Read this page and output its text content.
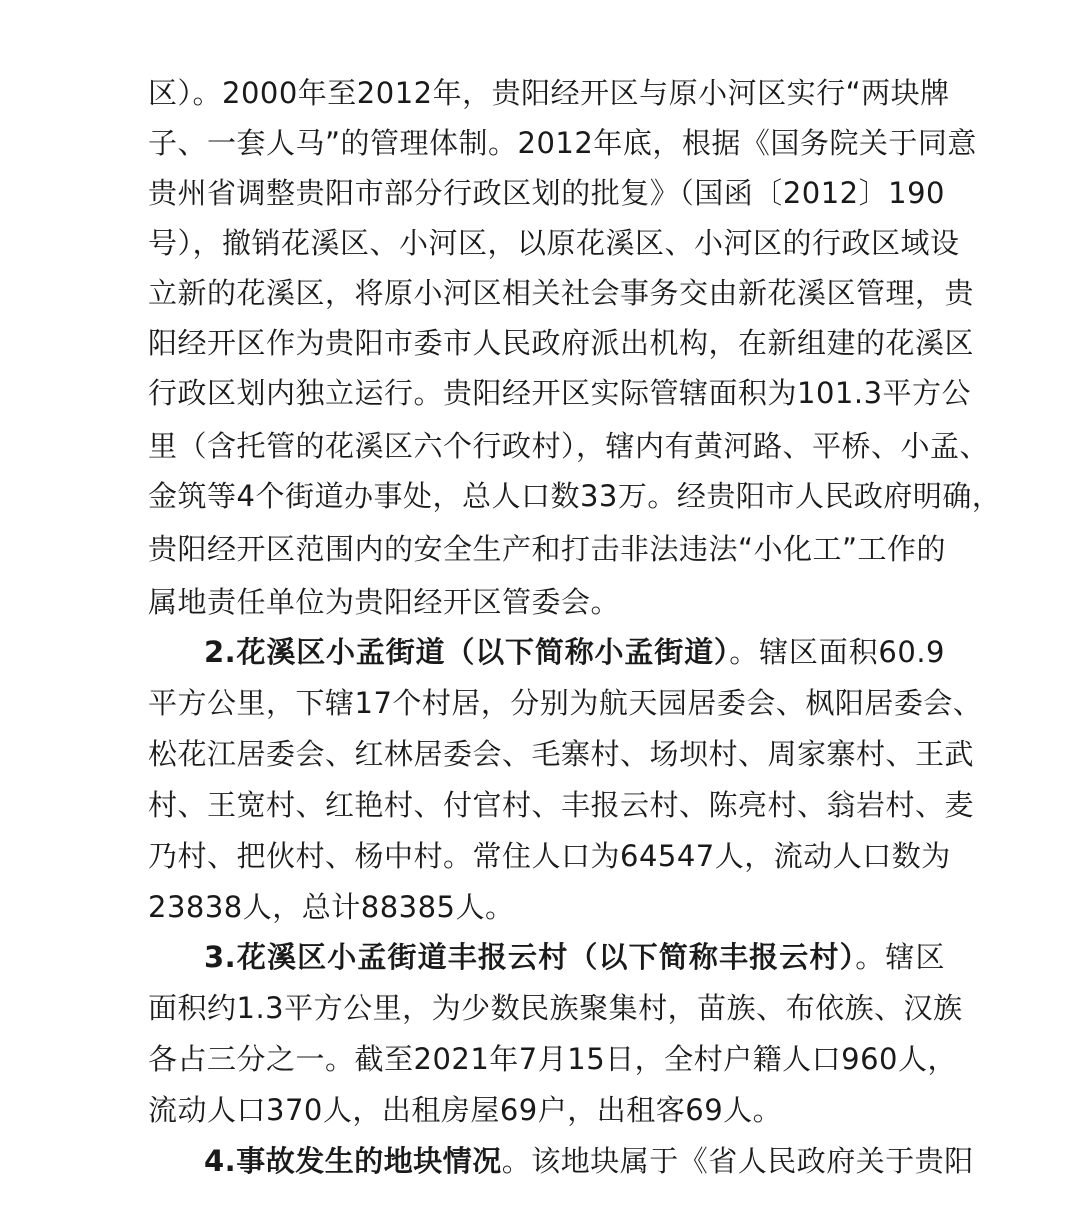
区）。2000年至2012年，贵阳经开区与原小河区实行“两块牌
子、一套人马”的管理体制。2012年底，根据《国务院关于同意
贵州省调整贵阳市部分行政区划的批复》（国函〔2012〕190
号），撤销花溪区、小河区，以原花溪区、小河区的行政区域设
立新的花溪区，将原小河区相关社会事务交由新花溪区管理，贵
阳经开区作为贵阳市委市人民政府派出机构，在新组建的花溪区
行政区划内独立运行。贵阳经开区实际管辖面积为101.3平方公
里（含托管的花溪区六个行政村），辖内有黄河路、平桥、小孟、
金筑等4个街道办事处，总人口数33万。经贵阳市人民政府明确，
贵阳经开区范围内的安全生产和打击非法违法“小化工”工作的
属地责任单位为贵阳经开区管委会。
2.花溪区小孟街道（以下简称小孟街道）。辖区面积60.9
平方公里，下辖17个村居，分别为航天园居委会、枫阳居委会、
松花江居委会、红林居委会、毛寨村、场坝村、周家寨村、王武
村、王宽村、红艳村、付官村、丰报云村、陈亮村、翁岩村、麦
乃村、把伙村、杨中村。常住人口为64547人，流动人口数为
23838人，总计88385人。
3.花溪区小孟街道丰报云村（以下简称丰报云村）。辖区
面积约1.3平方公里，为少数民族聚集村，苗族、布依族、汉族
各占三分之一。截至2021年7月15日，全村户籍人口960人，
流动人口370人，出租房屋69户，出租客69人。
4.事故发生的地块情况。该地块属于《省人民政府关于贵阳
